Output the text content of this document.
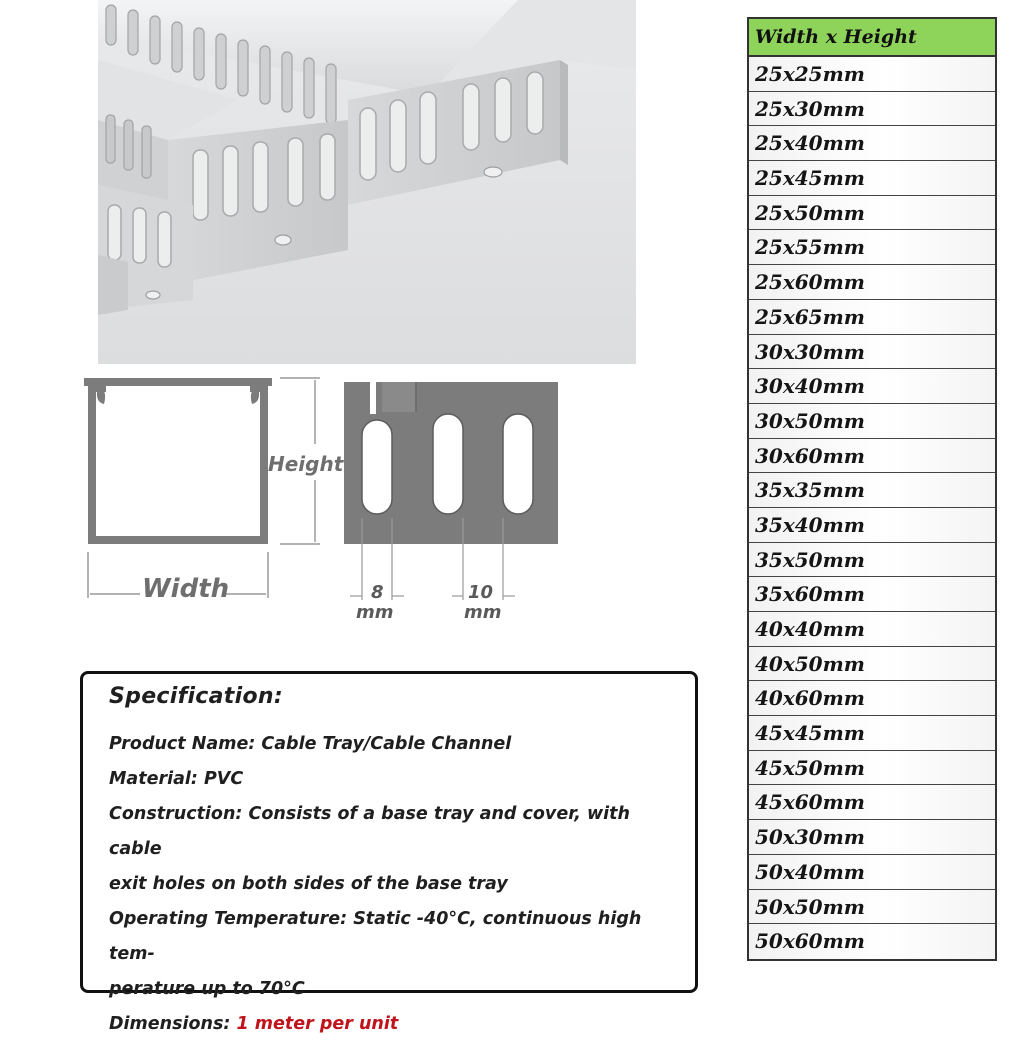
Height
Width	8
mm
10
mm

Specification:

Product Name: Cable Tray/Cable Channel

Material: PVC

Construction: Consists of a base tray and cover, with cable

exit holes on both sides of the base tray

Operating Temperature: Static -40°C, continuous high tem-

perature up to 70°C

Dimensions: 1 meter per unit

Width x Height
25x25mm
25x30mm
25x40mm
25x45mm
25x50mm
25x55mm
25x60mm
25x65mm
30x30mm
30x40mm
30x50mm
30x60mm
35x35mm
35x40mm
35x50mm
35x60mm
40x40mm
40x50mm
40x60mm
45x45mm
45x50mm
45x60mm
50x30mm
50x40mm
50x50mm
50x60mm
